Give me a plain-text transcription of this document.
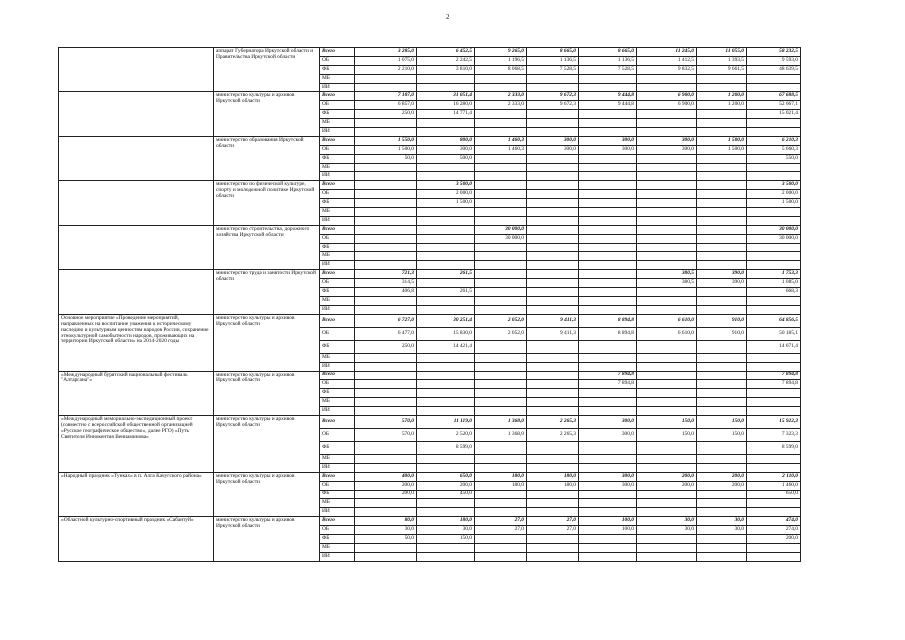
2
	аппарат Губернатора Иркутской области и Правительства Иркутской области	Всего	3 285,0	6 452,5	9 265,0	8 665,0	8 665,0	11 245,0	11 055,0	58 232,5
		ОБ	1 075,0	2 242,5	1 196,5	1 136,5	1 136,5	1 412,5	1 393,5	9 593,0
		ФБ	2 210,0	3 810,0	8 068,5	7 528,5	7 528,5	9 832,5	9 661,5	48 639,5
		МБ								
		ИИ								
	министерство культуры и архивов Иркутской области	Всего	7 107,0	31 051,4	2 333,0	9 672,3	9 444,8	6 900,0	1 200,0	67 688,5
		ОБ	6 857,0	16 280,0	2 333,0	9 672,3	9 444,8	6 900,0	1 200,0	52 667,1
		ФБ	250,0	14 771,4						15 021,4
		МБ								
		ИИ								
	министерство образования Иркутской области	Всего	1 550,0	800,0	1 460,3	300,0	300,0	300,0	1 500,0	6 210,3
		ОБ	1 500,0	300,0	1 460,3	300,0	300,0	300,0	1 500,0	5 660,3
		ФБ	50,0	500,0						550,0
		МБ								
		ИИ								
	министерство по физической культуре, спорту и молодежной политике Иркутской области	Всего		3 500,0						3 500,0
		ОБ		2 000,0						2 000,0
		ФБ		1 500,0						1 500,0
		МБ								
		ИИ								
	министерство строительства, дорожного хозяйства Иркутской области	Всего			30 000,0					30 000,0
		ОБ			30 000,0					30 000,0
		ФБ								
		МБ								
		ИИ								
	министерство труда и занятости Иркутской области	Всего	721,3	261,5				380,5	390,0	1 753,3
		ОБ	314,5					380,5	390,0	1 085,0
		ФБ	406,8	261,5						668,3
		МБ								
		ИИ								
Основное мероприятие «Проведение мероприятий, направленных на воспитание уважения к историческому наследию и культурным ценностям народов России, сохранение этнокультурной самобытности народов, проживающих на территории Иркутской области» на 2014-2020 годы	министерство культуры и архивов Иркутской области	Всего	6 727,0	30 251,4	2 052,0	9 411,3	8 894,8	6 610,0	910,0	64 856,5
		ОБ	6 477,0	15 830,0	2 052,0	9 411,3	8 894,8	6 610,0	910,0	50 185,1
		ФБ	250,0	14 421,4						14 671,4
		МБ								
		ИИ								
«Международный бурятский национальный фестиваль "Алтаргана"»	министерство культуры и архивов Иркутской области	Всего					7 894,8			7 894,8
		ОБ					7 894,8			7 894,8
		ФБ								
		МБ								
		ИИ								
«Международный мемориально-экспедиционный проект (совместно с всероссийской общественной организацией «Русское географическое общество», далее РГО) «Путь Святителя Иннокентия Вениаминова»	министерство культуры и архивов Иркутской области	Всего	570,0	11 119,0	1 368,0	2 265,3	300,0	150,0	150,0	15 922,3
		ОБ	570,0	2 520,0	1 368,0	2 265,3	300,0	150,0	150,0	7 323,3
		ФБ		8 599,0						8 599,0
		МБ								
		ИИ								
«Народный праздник «Тунках» в п. Алга Качугского района»	министерство культуры и архивов Иркутской области	Всего	400,0	650,0	180,0	180,0	300,0	200,0	200,0	2 110,0
		ОБ	200,0	200,0	180,0	180,0	300,0	200,0	200,0	1 460,0
		ФБ	200,0	450,0						650,0
		МБ								
		ИИ								
«Областной культурно-спортивный праздник «Сабантуй»	министерство культуры и архивов Иркутской области	Всего	80,0	180,0	27,0	27,0	100,0	30,0	30,0	474,0
		ОБ	30,0	30,0	27,0	27,0	100,0	30,0	30,0	274,0
		ФБ	50,0	150,0						200,0
		МБ								
		ИИ								
